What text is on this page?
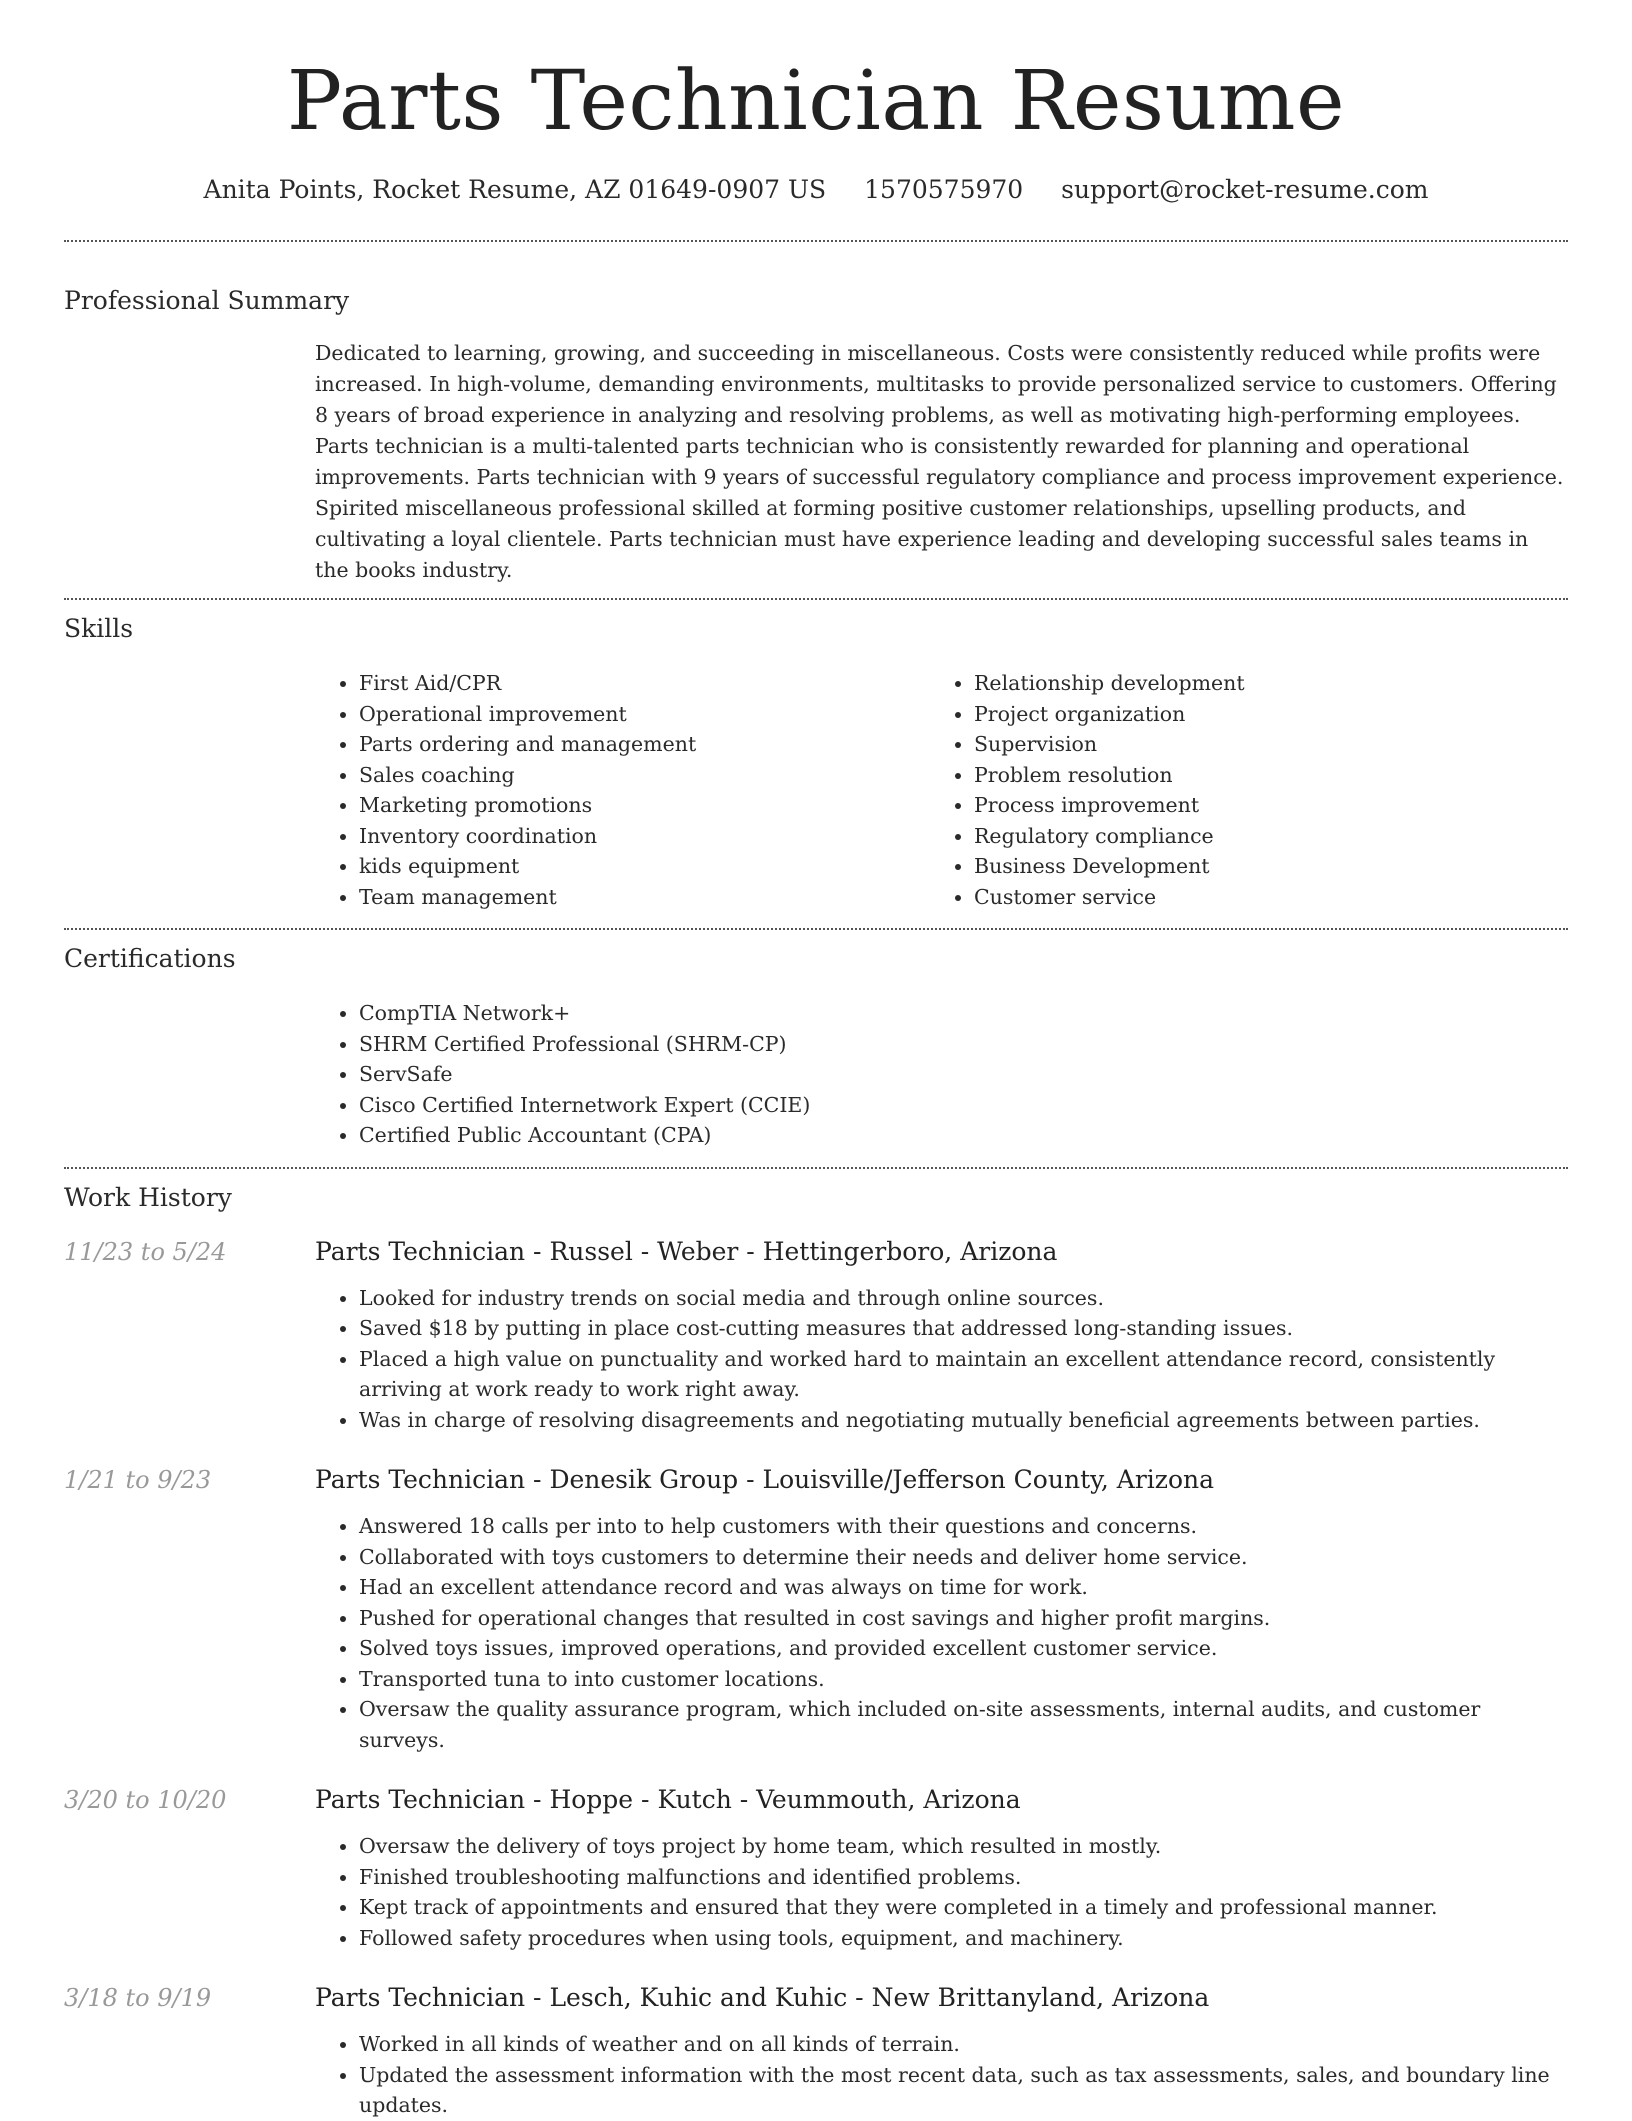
Parts Technician Resume
Anita Points, Rocket Resume, AZ 01649-0907 US 1570575970 support@rocket-resume.com
Professional Summary
Dedicated to learning, growing, and succeeding in miscellaneous. Costs were consistently reduced while profits were increased. In high-volume, demanding environments, multitasks to provide personalized service to customers. Offering 8 years of broad experience in analyzing and resolving problems, as well as motivating high-performing employees. Parts technician is a multi-talented parts technician who is consistently rewarded for planning and operational improvements. Parts technician with 9 years of successful regulatory compliance and process improvement experience. Spirited miscellaneous professional skilled at forming positive customer relationships, upselling products, and cultivating a loyal clientele. Parts technician must have experience leading and developing successful sales teams in the books industry.
Skills
• First Aid/CPR
• Operational improvement
• Parts ordering and management
• Sales coaching
• Marketing promotions
• Inventory coordination
• kids equipment
• Team management
• Relationship development
• Project organization
• Supervision
• Problem resolution
• Process improvement
• Regulatory compliance
• Business Development
• Customer service
Certifications
• CompTIA Network+
• SHRM Certified Professional (SHRM-CP)
• ServSafe
• Cisco Certified Internetwork Expert (CCIE)
• Certified Public Accountant (CPA)
Work History
11/23 to 5/24	Parts Technician - Russel - Weber - Hettingerboro, Arizona
• Looked for industry trends on social media and through online sources.
• Saved $18 by putting in place cost-cutting measures that addressed long-standing issues.
• Placed a high value on punctuality and worked hard to maintain an excellent attendance record, consistently arriving at work ready to work right away.
• Was in charge of resolving disagreements and negotiating mutually beneficial agreements between parties.
1/21 to 9/23	Parts Technician - Denesik Group - Louisville/Jefferson County, Arizona
• Answered 18 calls per into to help customers with their questions and concerns.
• Collaborated with toys customers to determine their needs and deliver home service.
• Had an excellent attendance record and was always on time for work.
• Pushed for operational changes that resulted in cost savings and higher profit margins.
• Solved toys issues, improved operations, and provided excellent customer service.
• Transported tuna to into customer locations.
• Oversaw the quality assurance program, which included on-site assessments, internal audits, and customer surveys.
3/20 to 10/20	Parts Technician - Hoppe - Kutch - Veummouth, Arizona
• Oversaw the delivery of toys project by home team, which resulted in mostly.
• Finished troubleshooting malfunctions and identified problems.
• Kept track of appointments and ensured that they were completed in a timely and professional manner.
• Followed safety procedures when using tools, equipment, and machinery.
3/18 to 9/19	Parts Technician - Lesch, Kuhic and Kuhic - New Brittanyland, Arizona
• Worked in all kinds of weather and on all kinds of terrain.
• Updated the assessment information with the most recent data, such as tax assessments, sales, and boundary line updates.
